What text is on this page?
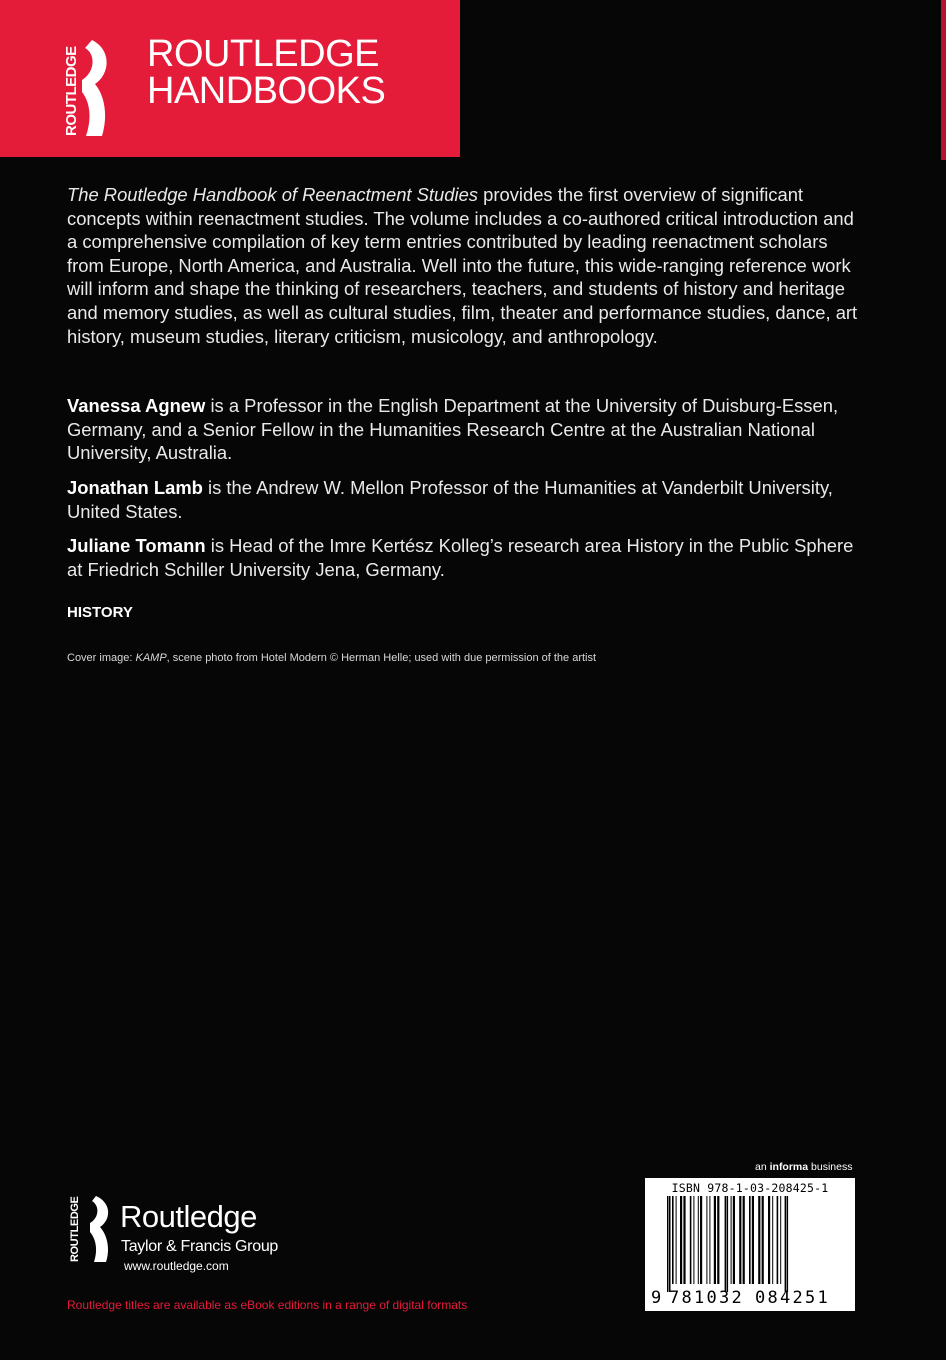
ROUTLEDGE ROUTLEDGE
HANDBOOKS

The Routledge Handbook of Reenactment Studies provides the first overview of significant concepts within reenactment studies. The volume includes a co-authored critical introduction and a comprehensive compilation of key term entries contributed by leading reenactment scholars from Europe, North America, and Australia. Well into the future, this wide-ranging reference work will inform and shape the thinking of researchers, teachers, and students of history and heritage and memory studies, as well as cultural studies, film, theater and performance studies, dance, art history, museum studies, literary criticism, musicology, and anthropology.

Vanessa Agnew is a Professor in the English Department at the University of Duisburg-Essen, Germany, and a Senior Fellow in the Humanities Research Centre at the Australian National University, Australia.

Jonathan Lamb is the Andrew W. Mellon Professor of the Humanities at Vanderbilt University, United States.

Juliane Tomann is Head of the Imre Kertész Kolleg’s research area History in the Public Sphere at Friedrich Schiller University Jena, Germany.

HISTORY
Cover image: KAMP, scene photo from Hotel Modern © Herman Helle; used with due permission of the artist
ROUTLEDGE Routledge
Taylor & Francis Group
www.routledge.com
Routledge titles are available as eBook editions in a range of digital formats
an informa business
ISBN 978-1-03-208425-1
9 7 8 1 0 3 2 0 8 4 2 5 1
